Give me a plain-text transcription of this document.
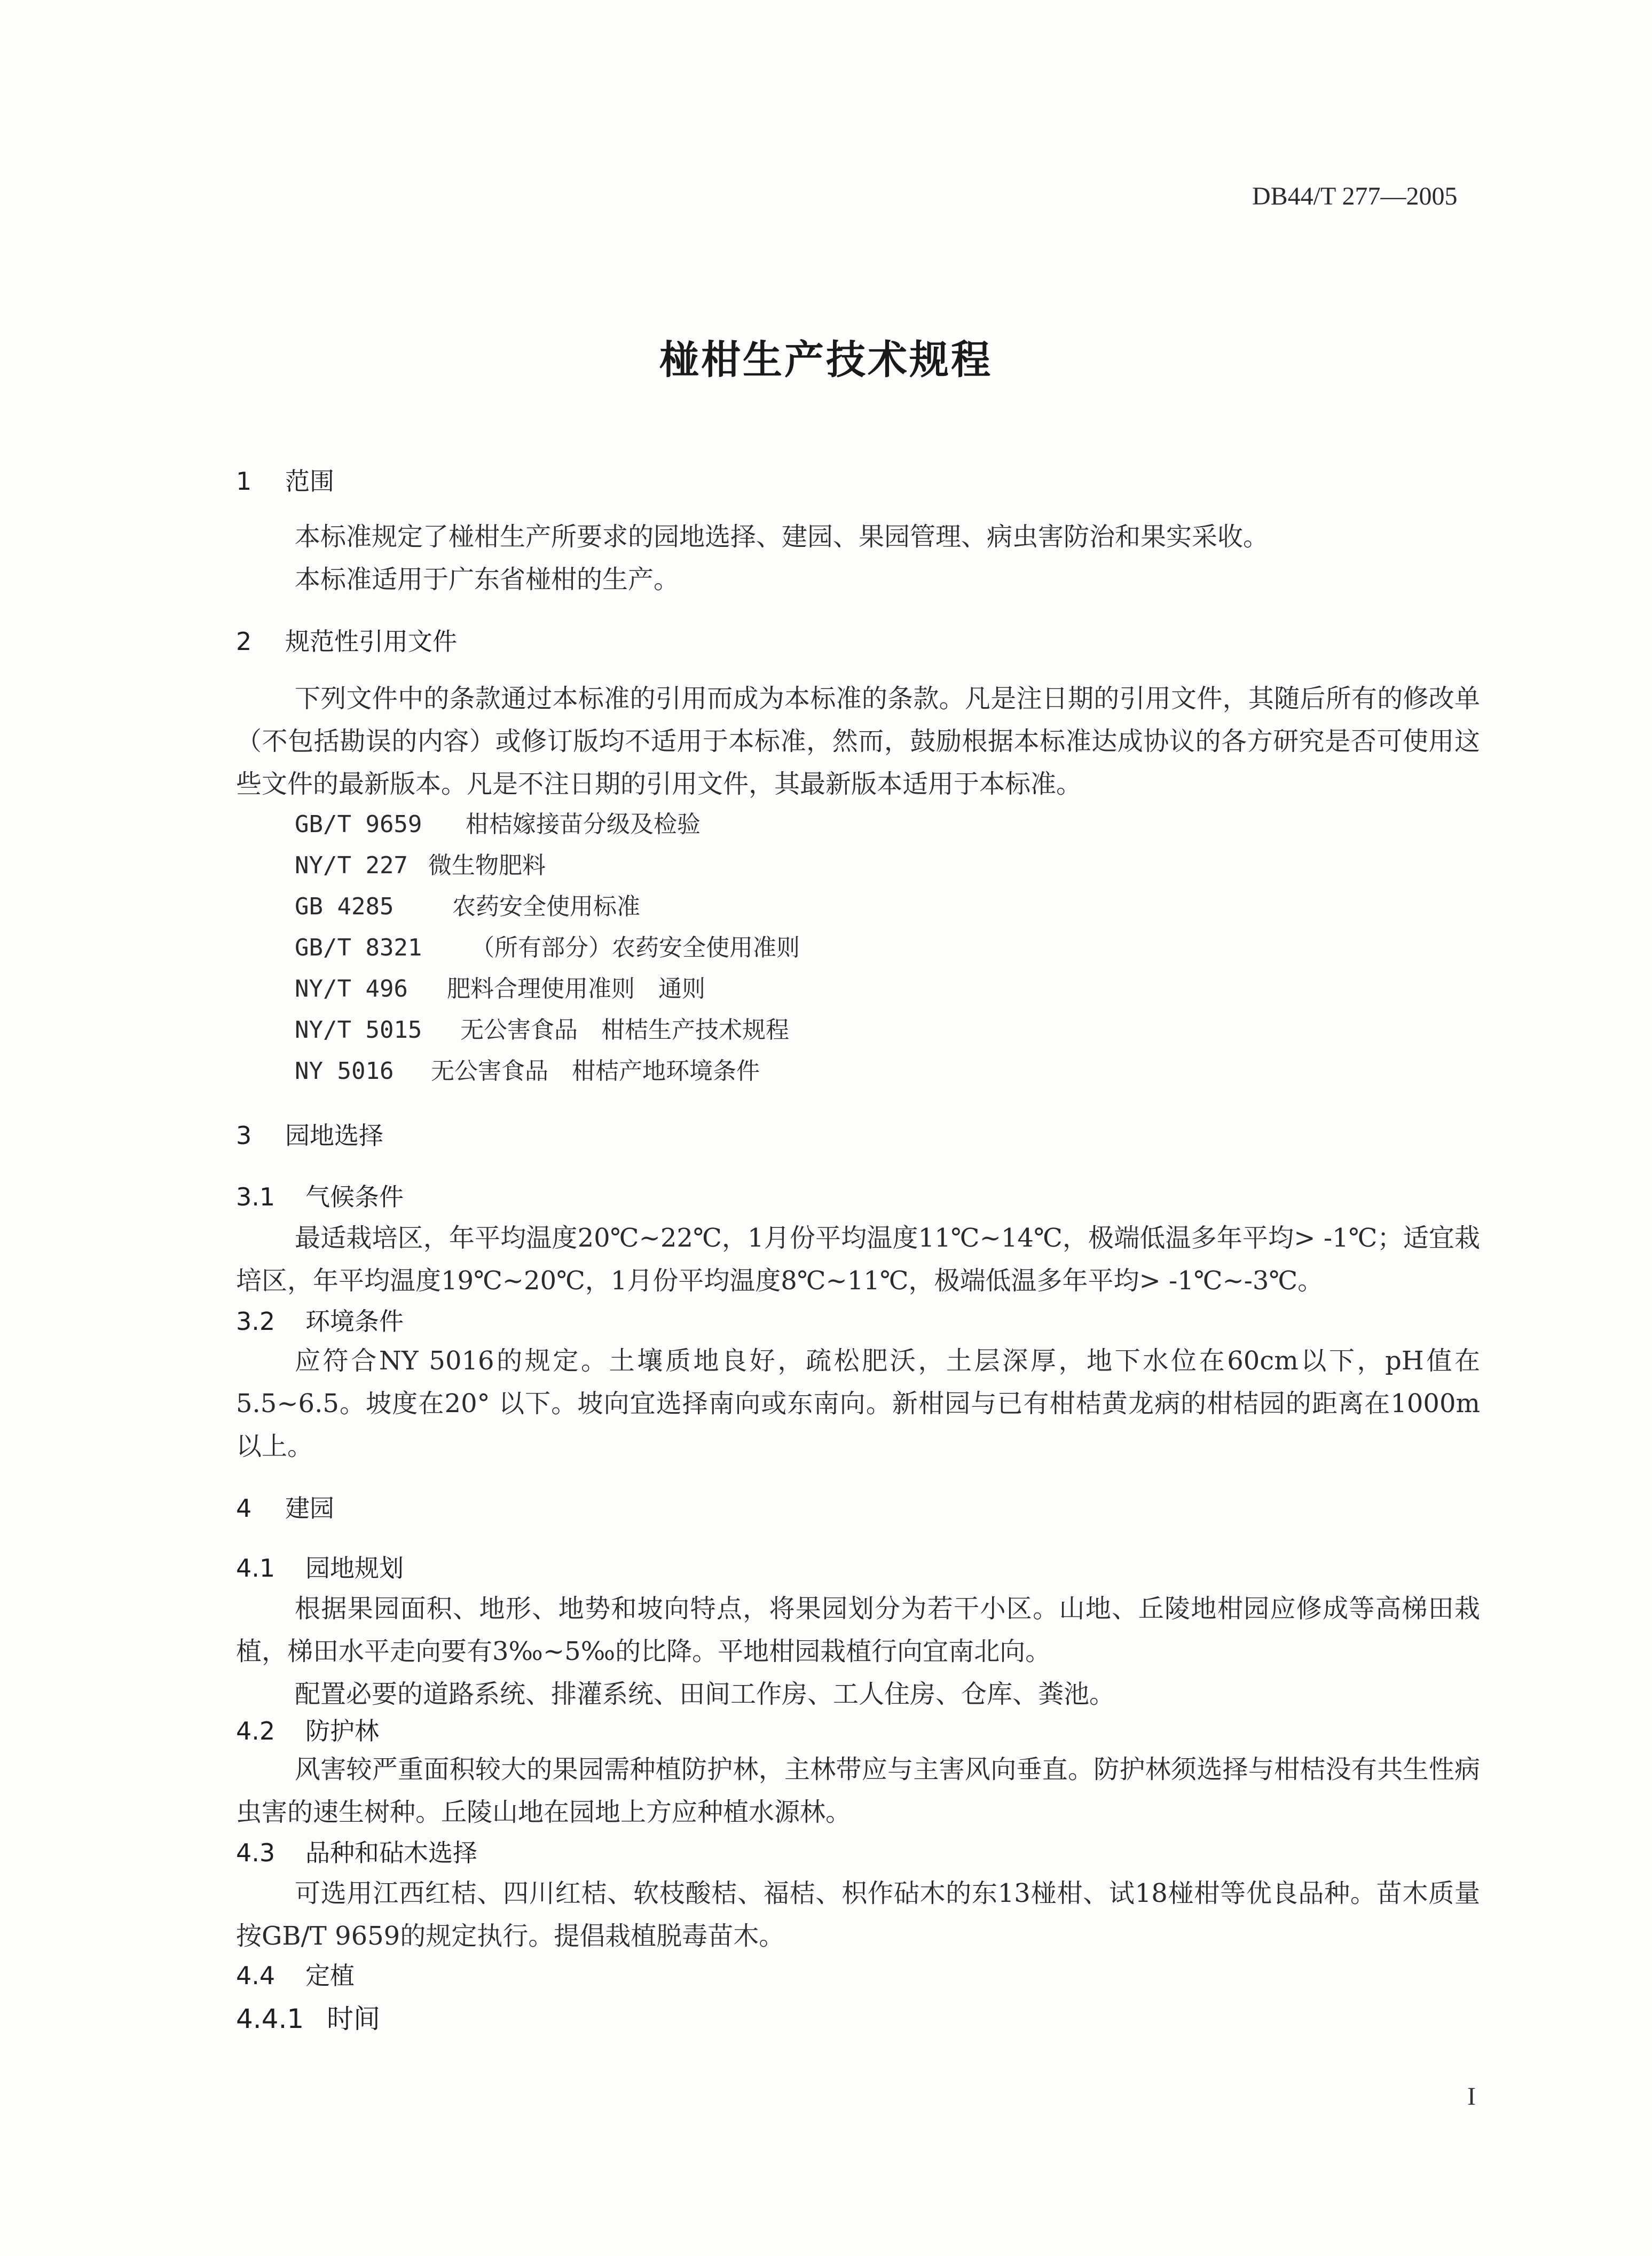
DB44/T 277—2005
椪柑生产技术规程
1 范围

本标准规定了椪柑生产所要求的园地选择、建园、果园管理、病虫害防治和果实采收。

本标准适用于广东省椪柑的生产。

2 规范性引用文件

下列文件中的条款通过本标准的引用而成为本标准的条款。凡是注日期的引用文件，其随后所有的修改单（不包括勘误的内容）或修订版均不适用于本标准，然而，鼓励根据本标准达成协议的各方研究是否可使用这些文件的最新版本。凡是不注日期的引用文件，其最新版本适用于本标准。

GB/T 9659 柑桔嫁接苗分级及检验
NY/T 227 微生物肥料
GB 4285 农药安全使用标准
GB/T 8321 （所有部分）农药安全使用准则
NY/T 496 肥料合理使用准则　通则
NY/T 5015 无公害食品　柑桔生产技术规程
NY 5016 无公害食品　柑桔产地环境条件
3 园地选择
3.1 气候条件

最适栽培区，年平均温度20℃~22℃，1月份平均温度11℃~14℃，极端低温多年平均> -1℃；适宜栽培区，年平均温度19℃~20℃，1月份平均温度8℃~11℃，极端低温多年平均> -1℃~-3℃。

3.2 环境条件

应符合NY 5016的规定。土壤质地良好，疏松肥沃，土层深厚，地下水位在60cm以下，pH值在5.5~6.5。坡度在20° 以下。坡向宜选择南向或东南向。新柑园与已有柑桔黄龙病的柑桔园的距离在1000m以上。

4 建园
4.1 园地规划

根据果园面积、地形、地势和坡向特点，将果园划分为若干小区。山地、丘陵地柑园应修成等高梯田栽植，梯田水平走向要有3‰~5‰的比降。平地柑园栽植行向宜南北向。

配置必要的道路系统、排灌系统、田间工作房、工人住房、仓库、粪池。

4.2 防护林

风害较严重面积较大的果园需种植防护林，主林带应与主害风向垂直。防护林须选择与柑桔没有共生性病虫害的速生树种。丘陵山地在园地上方应种植水源林。

4.3 品种和砧木选择

可选用江西红桔、四川红桔、软枝酸桔、福桔、枳作砧木的东13椪柑、试18椪柑等优良品种。苗木质量按GB/T 9659的规定执行。提倡栽植脱毒苗木。

4.4 定植
4.4.1 时间
I
